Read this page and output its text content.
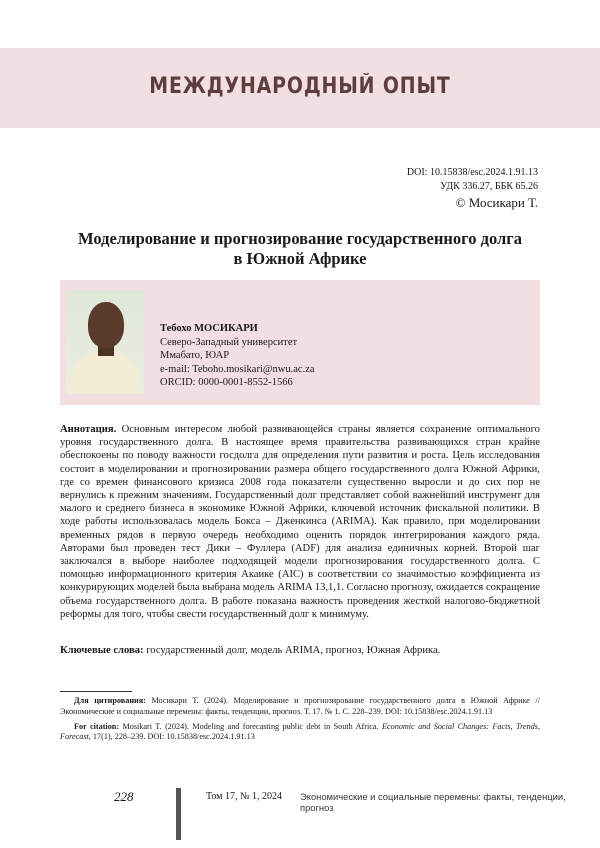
МЕЖДУНАРОДНЫЙ ОПЫТ
DOI: 10.15838/esc.2024.1.91.13
УДК 336.27, ББК 65.26
© Мосикари Т.
Моделирование и прогнозирование государственного долга
в Южной Африке
Тебохо МОСИКАРИ
Северо-Западный университет
Ммабато, ЮАР
e-mail: Teboho.mosikari@nwu.ac.za
ORCID: 0000-0001-8552-1566
Аннотация. Основным интересом любой развивающейся страны является сохранение оптимального уровня государственного долга. В настоящее время правительства развивающихся стран крайне обеспокоены по поводу важности госдолга для определения пути развития и роста. Цель исследования состоит в моделировании и прогнозировании размера общего государственного долга Южной Африки, где со времен финансового кризиса 2008 года показатели существенно выросли и до сих пор не вернулись к прежним значениям. Государственный долг представляет собой важнейший инструмент для малого и среднего бизнеса в экономике Южной Африки, ключевой источник фискальной политики. В ходе работы использовалась модель Бокса – Дженкинса (ARIMA). Как правило, при моделировании временных рядов в первую очередь необходимо оценить порядок интегрирования каждого ряда. Авторами был проведен тест Дики – Фуллера (ADF) для анализа единичных корней. Второй шаг заключался в выборе наиболее подходящей модели прогнозирования государственного долга. С помощью информационного критерия Акаике (AIC) в соответствии со значимостью коэффициента из конкурирующих моделей была выбрана модель ARIMA 13,1,1. Согласно прогнозу, ожидается сокращение объема государственного долга. В работе показана важность проведения жесткой налогово-бюджетной реформы для того, чтобы свести государственный долг к минимуму.
Ключевые слова: государственный долг, модель ARIMA, прогноз, Южная Африка.

Для цитирования: Мосикари Т. (2024). Моделирование и прогнозирование государственного долга в Южной Африке // Экономические и социальные перемены: факты, тенденции, прогноз. Т. 17. № 1. С. 228–239. DOI: 10.15838/esc.2024.1.91.13

For citation: Mosikari T. (2024). Modeling and forecasting public debt in South Africa. Economic and Social Changes: Facts, Trends, Forecast, 17(1), 228–239. DOI: 10.15838/esc.2024.1.91.13

228	Том 17, № 1, 2024 Экономические и социальные перемены: факты, тенденции, прогноз
